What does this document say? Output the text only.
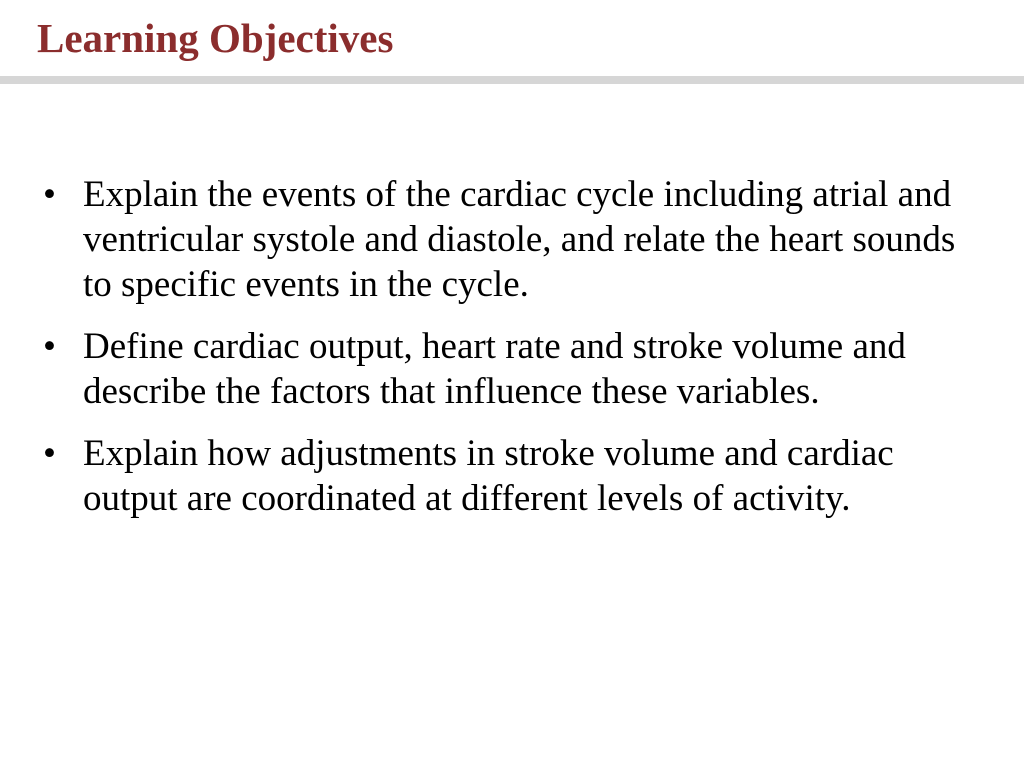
Learning Objectives
• Explain the events of the cardiac cycle including atrial and ventricular systole and diastole, and relate the heart sounds to specific events in the cycle.
• Define cardiac output, heart rate and stroke volume and describe the factors that influence these variables.
• Explain how adjustments in stroke volume and cardiac output are coordinated at different levels of activity.
